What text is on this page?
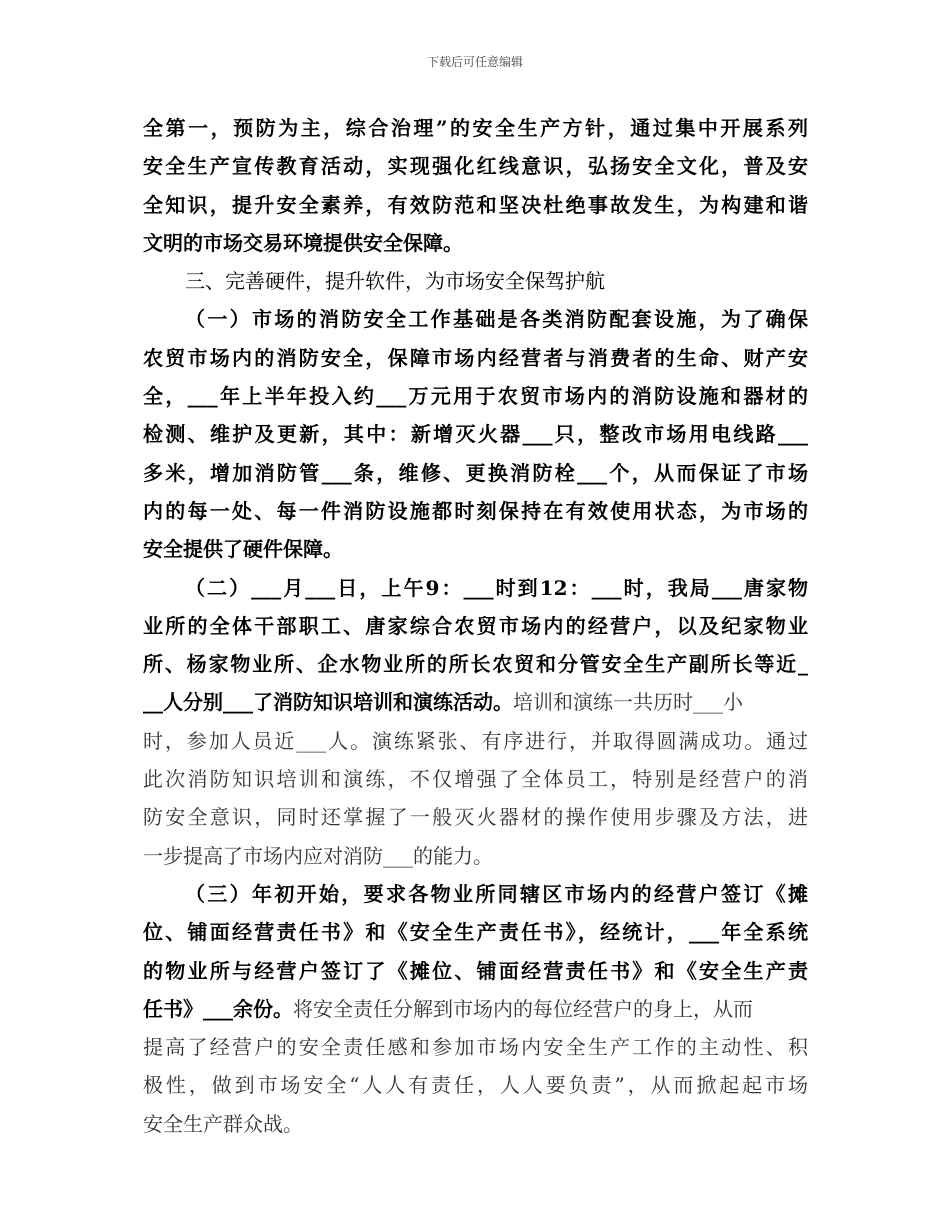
下载后可任意编辑
全第一，预防为主，综合治理”的安全生产方针，通过集中开展系列
安全生产宣传教育活动，实现强化红线意识，弘扬安全文化，普及安
全知识，提升安全素养，有效防范和坚决杜绝事故发生，为构建和谐
文明的市场交易环境提供安全保障。
三、完善硬件，提升软件，为市场安全保驾护航
（一）市场的消防安全工作基础是各类消防配套设施，为了确保
农贸市场内的消防安全，保障市场内经营者与消费者的生命、财产安
全，___年上半年投入约___万元用于农贸市场内的消防设施和器材的
检测、维护及更新，其中：新增灭火器___只，整改市场用电线路___
多米，增加消防管___条，维修、更换消防栓___个，从而保证了市场
内的每一处、每一件消防设施都时刻保持在有效使用状态，为市场的
安全提供了硬件保障。
（二）___月___日，上午9：___时到12：___时，我局___唐家物
业所的全体干部职工、唐家综合农贸市场内的经营户，以及纪家物业
所、杨家物业所、企水物业所的所长农贸和分管安全生产副所长等近_
__人分别___了消防知识培训和演练活动。培训和演练一共历时___小
时，参加人员近___人。演练紧张、有序进行，并取得圆满成功。通过
此次消防知识培训和演练，不仅增强了全体员工，特别是经营户的消
防安全意识，同时还掌握了一般灭火器材的操作使用步骤及方法，进
一步提高了市场内应对消防___的能力。
（三）年初开始，要求各物业所同辖区市场内的经营户签订《摊
位、铺面经营责任书》和《安全生产责任书》，经统计，___年全系统
的物业所与经营户签订了《摊位、铺面经营责任书》和《安全生产责
任书》___余份。将安全责任分解到市场内的每位经营户的身上，从而
提高了经营户的安全责任感和参加市场内安全生产工作的主动性、积
极性，做到市场安全“人人有责任，人人要负责”，从而掀起起市场
安全生产群众战。
